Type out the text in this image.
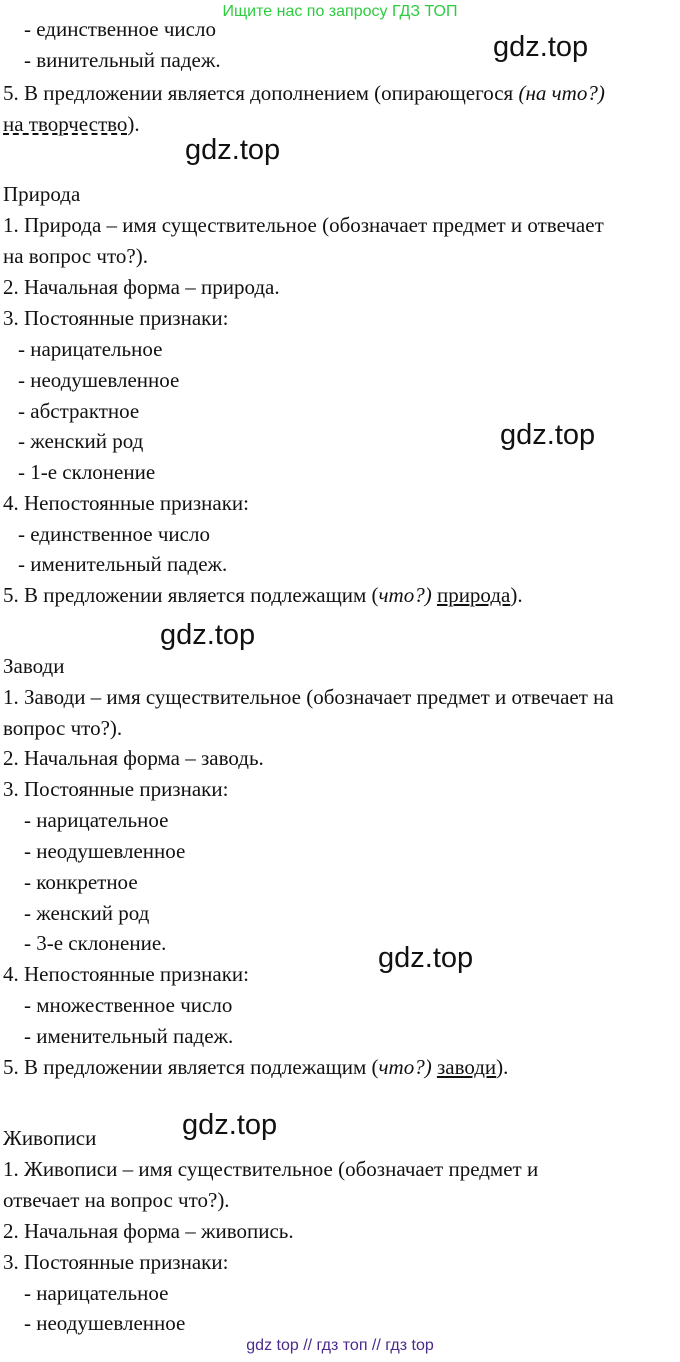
Ищите нас по запросу ГДЗ ТОП
- единственное число
- винительный падеж.
5. В предложении является дополнением (опирающегося (на что?)
на творчество).
Природа
1. Природа – имя существительное (обозначает предмет и отвечает
на вопрос что?).
2. Начальная форма – природа.
3. Постоянные признаки:
- нарицательное
- неодушевленное
- абстрактное
- женский род
- 1-е склонение
4. Непостоянные признаки:
- единственное число
- именительный падеж.
5. В предложении является подлежащим (что?) природа).
Заводи
1. Заводи – имя существительное (обозначает предмет и отвечает на
вопрос что?).
2. Начальная форма – заводь.
3. Постоянные признаки:
- нарицательное
- неодушевленное
- конкретное
- женский род
- 3-е склонение.
4. Непостоянные признаки:
- множественное число
- именительный падеж.
5. В предложении является подлежащим (что?) заводи).
Живописи
1. Живописи – имя существительное (обозначает предмет и
отвечает на вопрос что?).
2. Начальная форма – живопись.
3. Постоянные признаки:
- нарицательное
- неодушевленное
gdz.top
gdz.top
gdz.top
gdz.top
gdz.top
gdz.top
gdz top // гдз топ // гдз top
